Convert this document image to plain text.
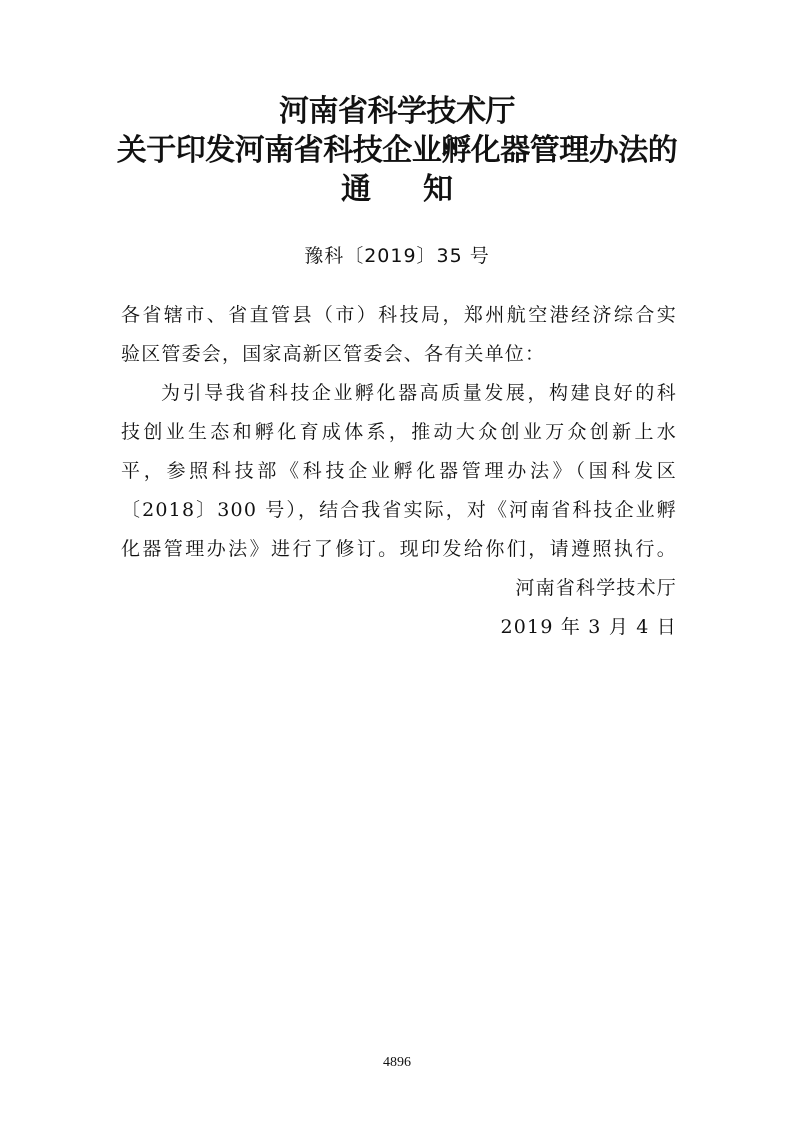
河南省科学技术厅
关于印发河南省科技企业孵化器管理办法的
通知
豫科〔2019〕35 号
各省辖市、省直管县（市）科技局，郑州航空港经济综合实
验区管委会，国家高新区管委会、各有关单位：
为引导我省科技企业孵化器高质量发展，构建良好的科
技创业生态和孵化育成体系，推动大众创业万众创新上水
平，参照科技部《科技企业孵化器管理办法》（国科发区
〔2018〕300 号），结合我省实际，对《河南省科技企业孵
化器管理办法》进行了修订。现印发给你们，请遵照执行。
河南省科学技术厅
2019 年 3 月 4 日
4896
